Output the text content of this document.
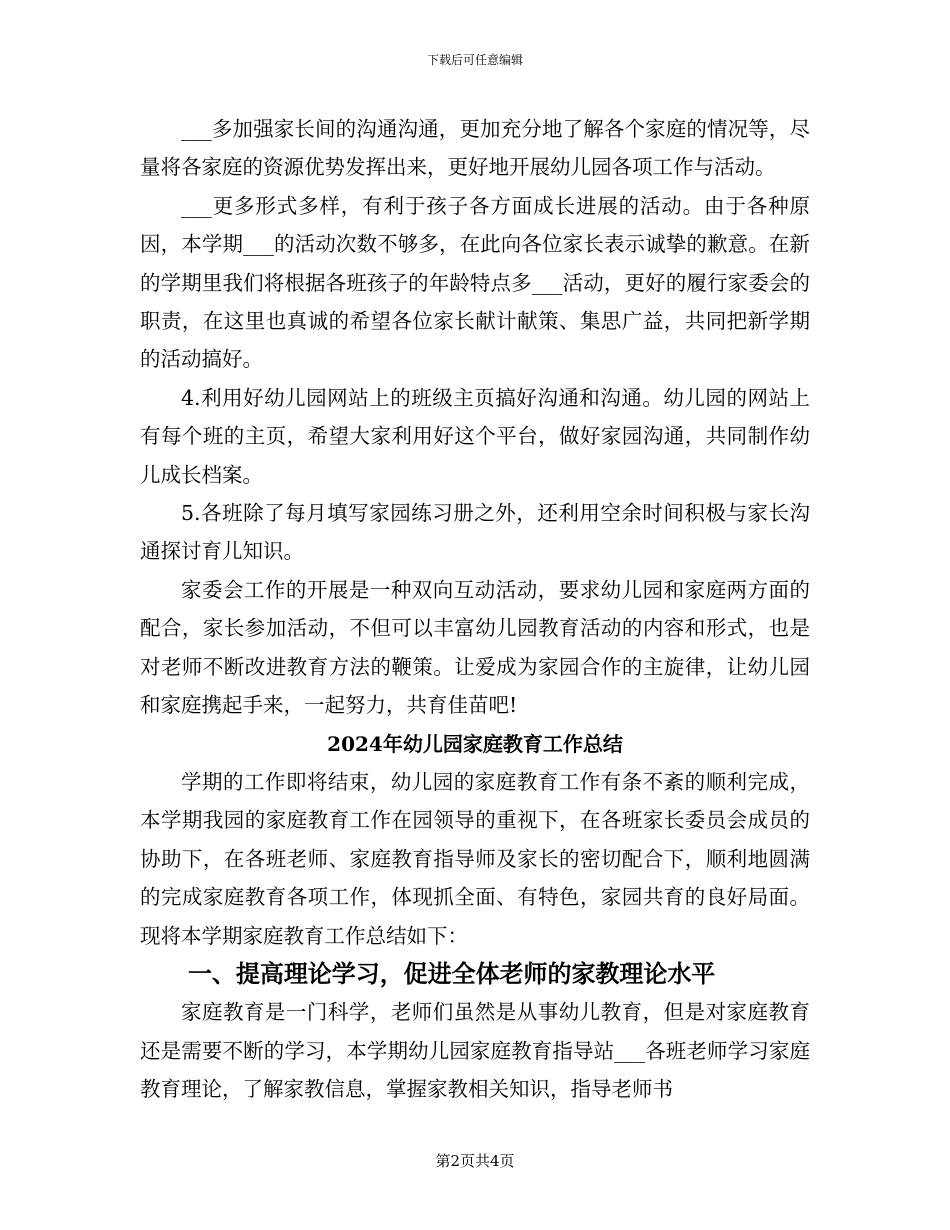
下载后可任意编辑

___多加强家长间的沟通沟通，更加充分地了解各个家庭的情况等，尽量将各家庭的资源优势发挥出来，更好地开展幼儿园各项工作与活动。

___更多形式多样，有利于孩子各方面成长进展的活动。由于各种原因，本学期___的活动次数不够多，在此向各位家长表示诚挚的歉意。在新的学期里我们将根据各班孩子的年龄特点多___活动，更好的履行家委会的职责，在这里也真诚的希望各位家长献计献策、集思广益，共同把新学期的活动搞好。

4.利用好幼儿园网站上的班级主页搞好沟通和沟通。幼儿园的网站上有每个班的主页，希望大家利用好这个平台，做好家园沟通，共同制作幼儿成长档案。

5.各班除了每月填写家园练习册之外，还利用空余时间积极与家长沟通探讨育儿知识。

家委会工作的开展是一种双向互动活动，要求幼儿园和家庭两方面的配合，家长参加活动，不但可以丰富幼儿园教育活动的内容和形式，也是对老师不断改进教育方法的鞭策。让爱成为家园合作的主旋律，让幼儿园和家庭携起手来，一起努力，共育佳苗吧!

2024年幼儿园家庭教育工作总结

学期的工作即将结束，幼儿园的家庭教育工作有条不紊的顺利完成，本学期我园的家庭教育工作在园领导的重视下，在各班家长委员会成员的协助下，在各班老师、家庭教育指导师及家长的密切配合下，顺利地圆满的完成家庭教育各项工作，体现抓全面、有特色，家园共育的良好局面。现将本学期家庭教育工作总结如下：

一、提高理论学习，促进全体老师的家教理论水平

家庭教育是一门科学，老师们虽然是从事幼儿教育，但是对家庭教育还是需要不断的学习，本学期幼儿园家庭教育指导站___各班老师学习家庭教育理论，了解家教信息，掌握家教相关知识，指导老师书

第2页共4页
